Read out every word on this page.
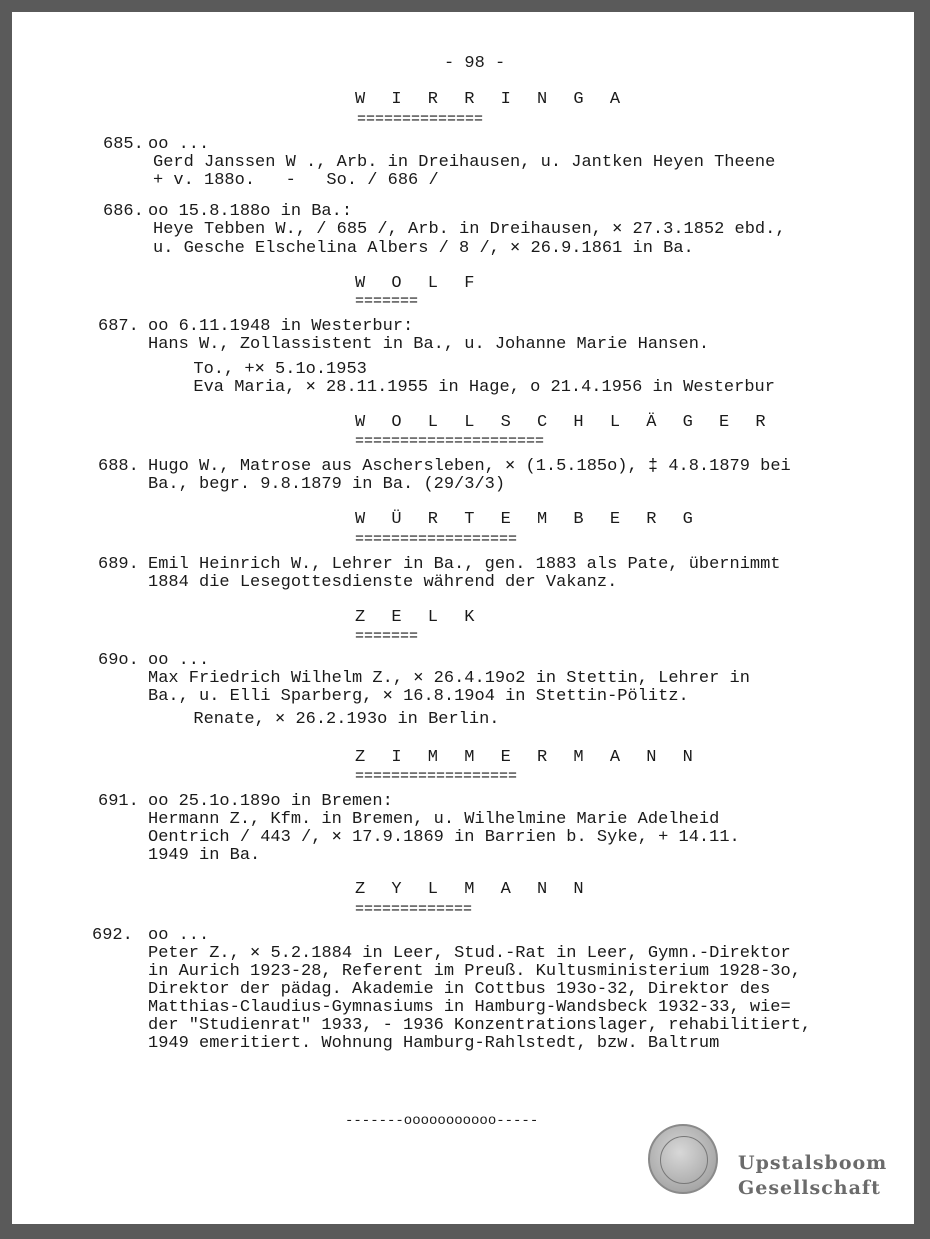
- 98 -
W I R R I N G A
==============
685. oo ...
Gerd Janssen W ., Arb. in Dreihausen, u. Jantken Heyen Theene
+ v. 188o.   -   So. / 686 /
686. oo 15.8.188o in Ba.:
Heye Tebben W., / 685 /, Arb. in Dreihausen, ⨯ 27.3.1852 ebd.,
u. Gesche Elschelina Albers / 8 /, ⨯ 26.9.1861 in Ba.
W O L F
=======
687. oo 6.11.1948 in Westerbur:
Hans W., Zollassistent in Ba., u. Johanne Marie Hansen.
To., +⨯ 5.1o.1953
Eva Maria, ⨯ 28.11.1955 in Hage, o 21.4.1956 in Westerbur
W O L L S C H L Ä G E R
=====================
688. Hugo W., Matrose aus Aschersleben, ⨯ (1.5.185o), ‡ 4.8.1879 bei
Ba., begr. 9.8.1879 in Ba. (29/3/3)
W Ü R T E M B E R G
==================
689. Emil Heinrich W., Lehrer in Ba., gen. 1883 als Pate, übernimmt
1884 die Lesegottesdienste während der Vakanz.
Z E L K
=======
69o. oo ...
Max Friedrich Wilhelm Z., ⨯ 26.4.19o2 in Stettin, Lehrer in
Ba., u. Elli Sparberg, ⨯ 16.8.19o4 in Stettin-Pölitz.
Renate, ⨯ 26.2.193o in Berlin.
Z I M M E R M A N N
==================
691. oo 25.1o.189o in Bremen:
Hermann Z., Kfm. in Bremen, u. Wilhelmine Marie Adelheid
Oentrich / 443 /, ⨯ 17.9.1869 in Barrien b. Syke, + 14.11.
1949 in Ba.
Z Y L M A N N
=============
692. oo ...
Peter Z., ⨯ 5.2.1884 in Leer, Stud.-Rat in Leer, Gymn.-Direktor
in Aurich 1923-28, Referent im Preuß. Kultusministerium 1928-3o,
Direktor der pädag. Akademie in Cottbus 193o-32, Direktor des
Matthias-Claudius-Gymnasiums in Hamburg-Wandsbeck 1932-33, wie=
der "Studienrat" 1933, - 1936 Konzentrationslager, rehabilitiert,
1949 emeritiert. Wohnung Hamburg-Rahlstedt, bzw. Baltrum
-------ooooooooooo-----
Upstalsboom
Gesellschaft
